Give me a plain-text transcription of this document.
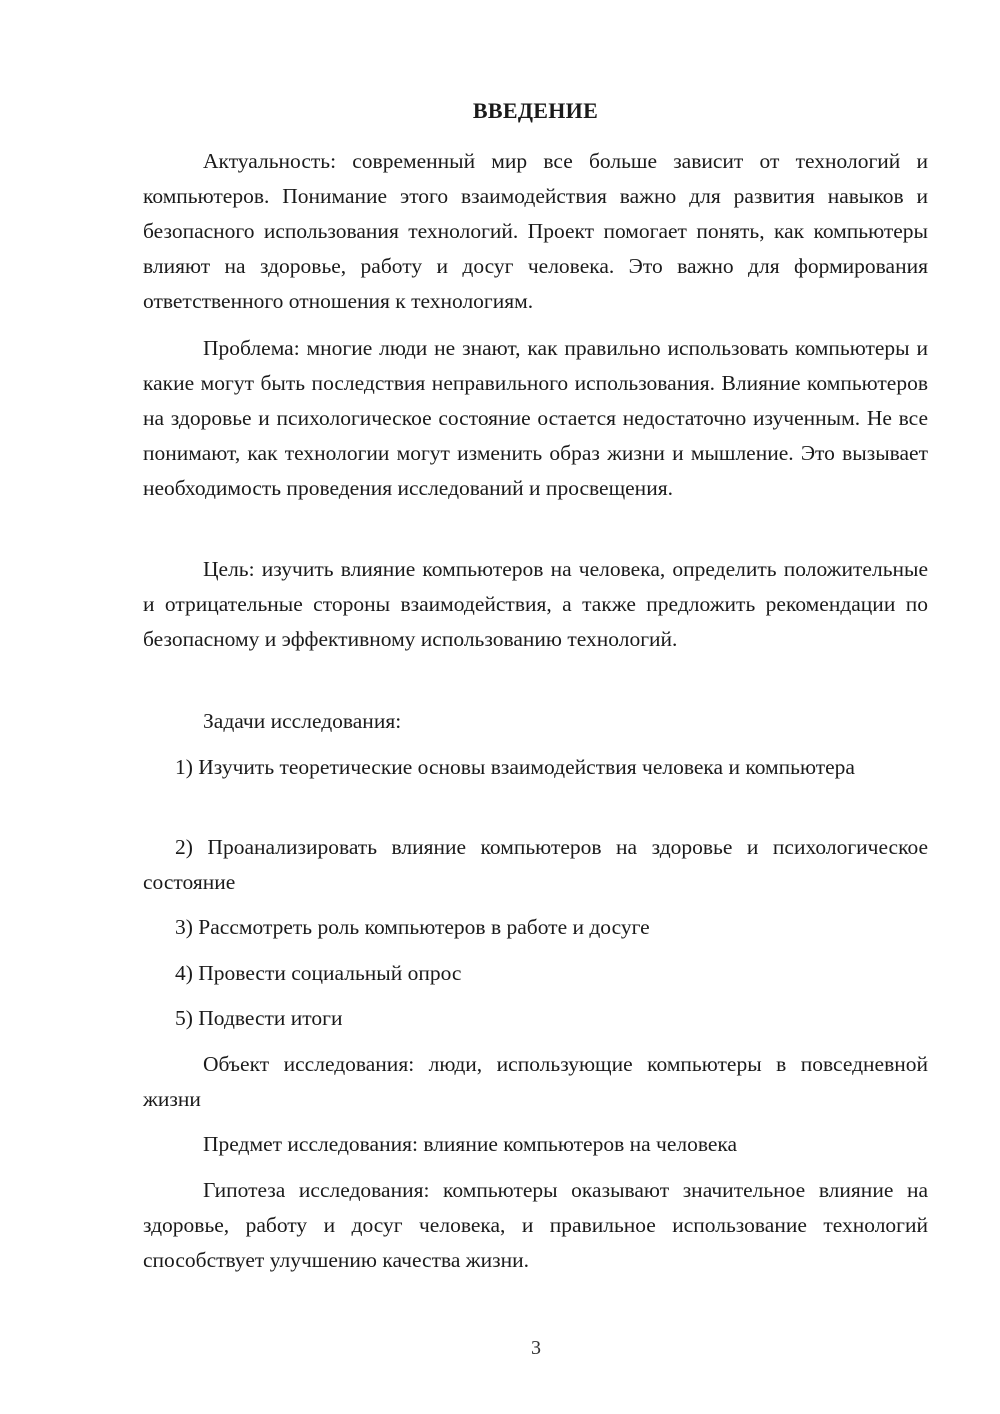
ВВЕДЕНИЕ

Актуальность: современный мир все больше зависит от технологий и компьютеров. Понимание этого взаимодействия важно для развития навыков и безопасного использования технологий. Проект помогает понять, как компьютеры влияют на здоровье, работу и досуг человека. Это важно для формирования ответственного отношения к технологиям.

Проблема: многие люди не знают, как правильно использовать компьютеры и какие могут быть последствия неправильного использования. Влияние компьютеров на здоровье и психологическое состояние остается недостаточно изученным. Не все понимают, как технологии могут изменить образ жизни и мышление. Это вызывает необходимость проведения исследований и просвещения.

Цель: изучить влияние компьютеров на человека, определить положительные и отрицательные стороны взаимодействия, а также предложить рекомендации по безопасному и эффективному использованию технологий.

Задачи исследования:

1) Изучить теоретические основы взаимодействия человека и компьютера

2) Проанализировать влияние компьютеров на здоровье и психологическое состояние

3) Рассмотреть роль компьютеров в работе и досуге

4) Провести социальный опрос

5) Подвести итоги

Объект исследования: люди, использующие компьютеры в повседневной жизни

Предмет исследования: влияние компьютеров на человека

Гипотеза исследования: компьютеры оказывают значительное влияние на здоровье, работу и досуг человека, и правильное использование технологий способствует улучшению качества жизни.

3
